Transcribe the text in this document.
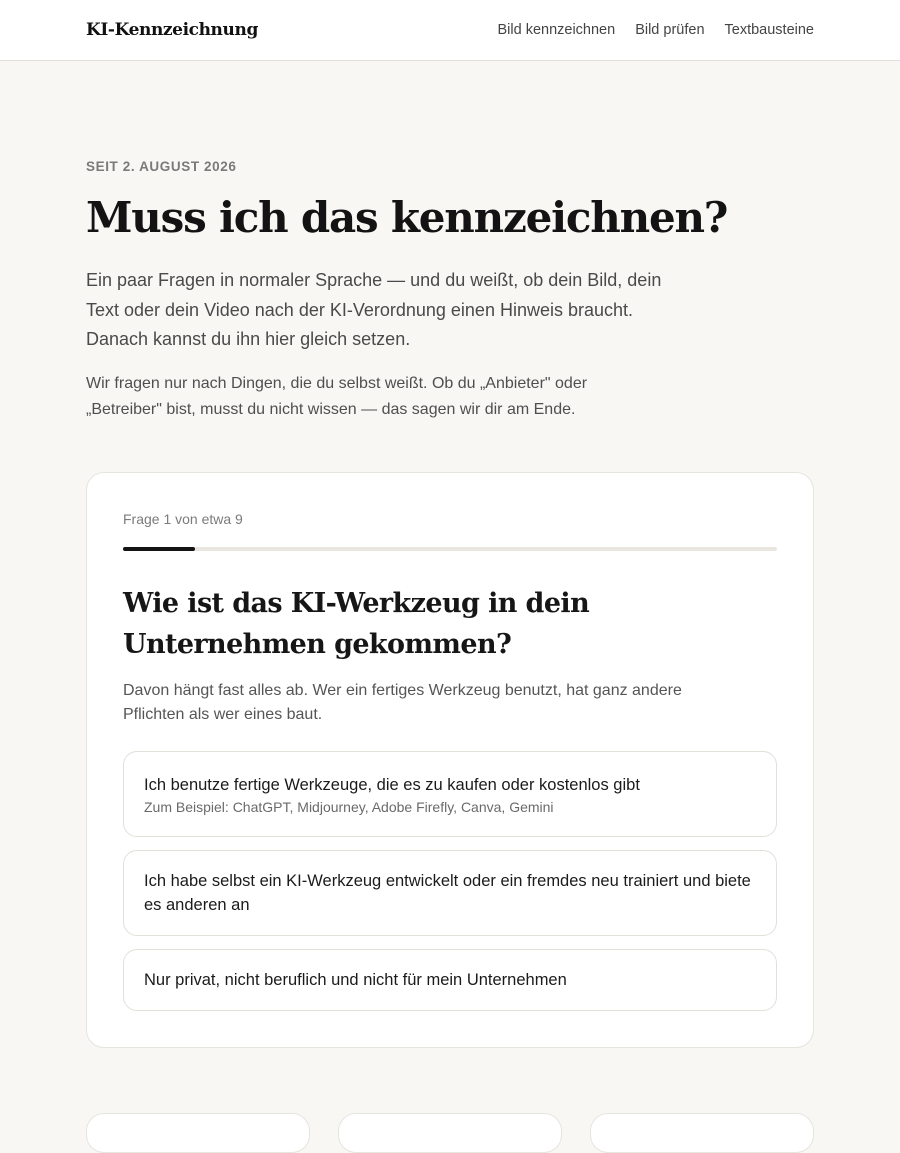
KI-Kennzeichnung	Bild kennzeichnen Bild prüfen Textbausteine
SEIT 2. AUGUST 2026
Muss ich das kennzeichnen?

Ein paar Fragen in normaler Sprache — und du weißt, ob dein Bild, dein Text oder dein Video nach der KI-Verordnung einen Hinweis braucht. Danach kannst du ihn hier gleich setzen.

Wir fragen nur nach Dingen, die du selbst weißt. Ob du „Anbieter" oder „Betreiber" bist, musst du nicht wissen — das sagen wir dir am Ende.

Frage 1 von etwa 9
Wie ist das KI-Werkzeug in dein Unternehmen gekommen?

Davon hängt fast alles ab. Wer ein fertiges Werkzeug benutzt, hat ganz andere Pflichten als wer eines baut.

Ich benutze fertige Werkzeuge, die es zu kaufen oder kostenlos gibt
Zum Beispiel: ChatGPT, Midjourney, Adobe Firefly, Canva, Gemini
Ich habe selbst ein KI-Werkzeug entwickelt oder ein fremdes neu trainiert und biete es anderen an
Nur privat, nicht beruflich und nicht für mein Unternehmen
